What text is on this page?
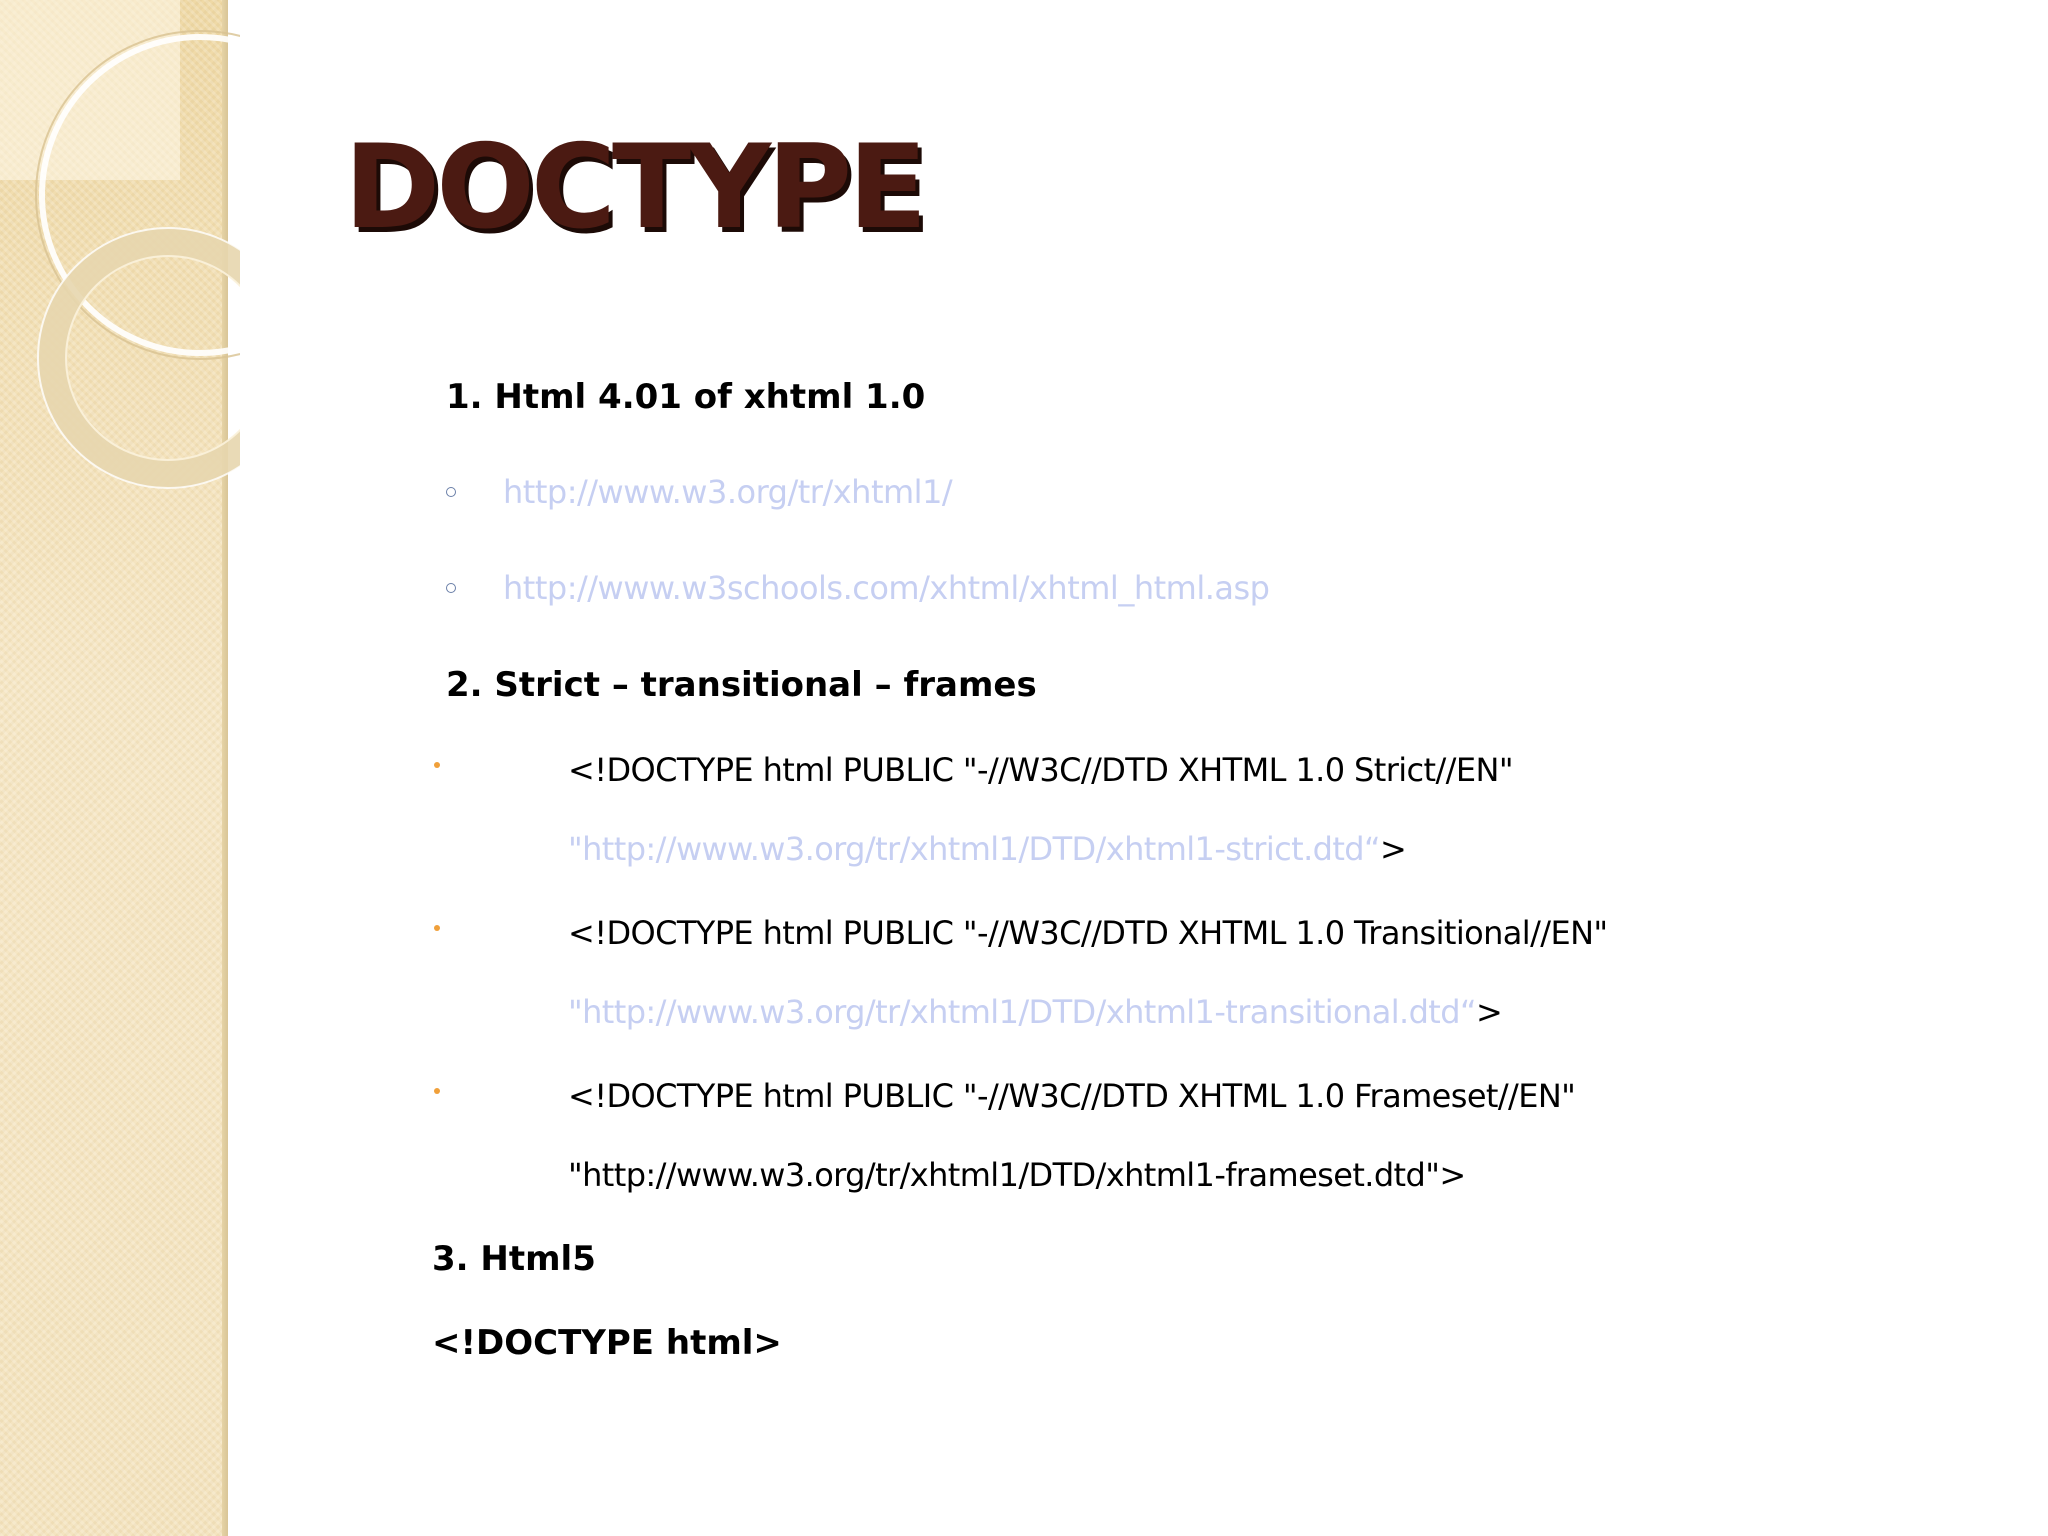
DOCTYPE
1. Html 4.01 of xhtml 1.0
http://www.w3.org/tr/xhtml1/
http://www.w3schools.com/xhtml/xhtml_html.asp
2. Strict – transitional – frames
<!DOCTYPE html PUBLIC "-//W3C//DTD XHTML 1.0 Strict//EN"
"http://www.w3.org/tr/xhtml1/DTD/xhtml1-strict.dtd“>
<!DOCTYPE html PUBLIC "-//W3C//DTD XHTML 1.0 Transitional//EN"
"http://www.w3.org/tr/xhtml1/DTD/xhtml1-transitional.dtd“>
<!DOCTYPE html PUBLIC "-//W3C//DTD XHTML 1.0 Frameset//EN"
"http://www.w3.org/tr/xhtml1/DTD/xhtml1-frameset.dtd">
3. Html5
<!DOCTYPE html>
